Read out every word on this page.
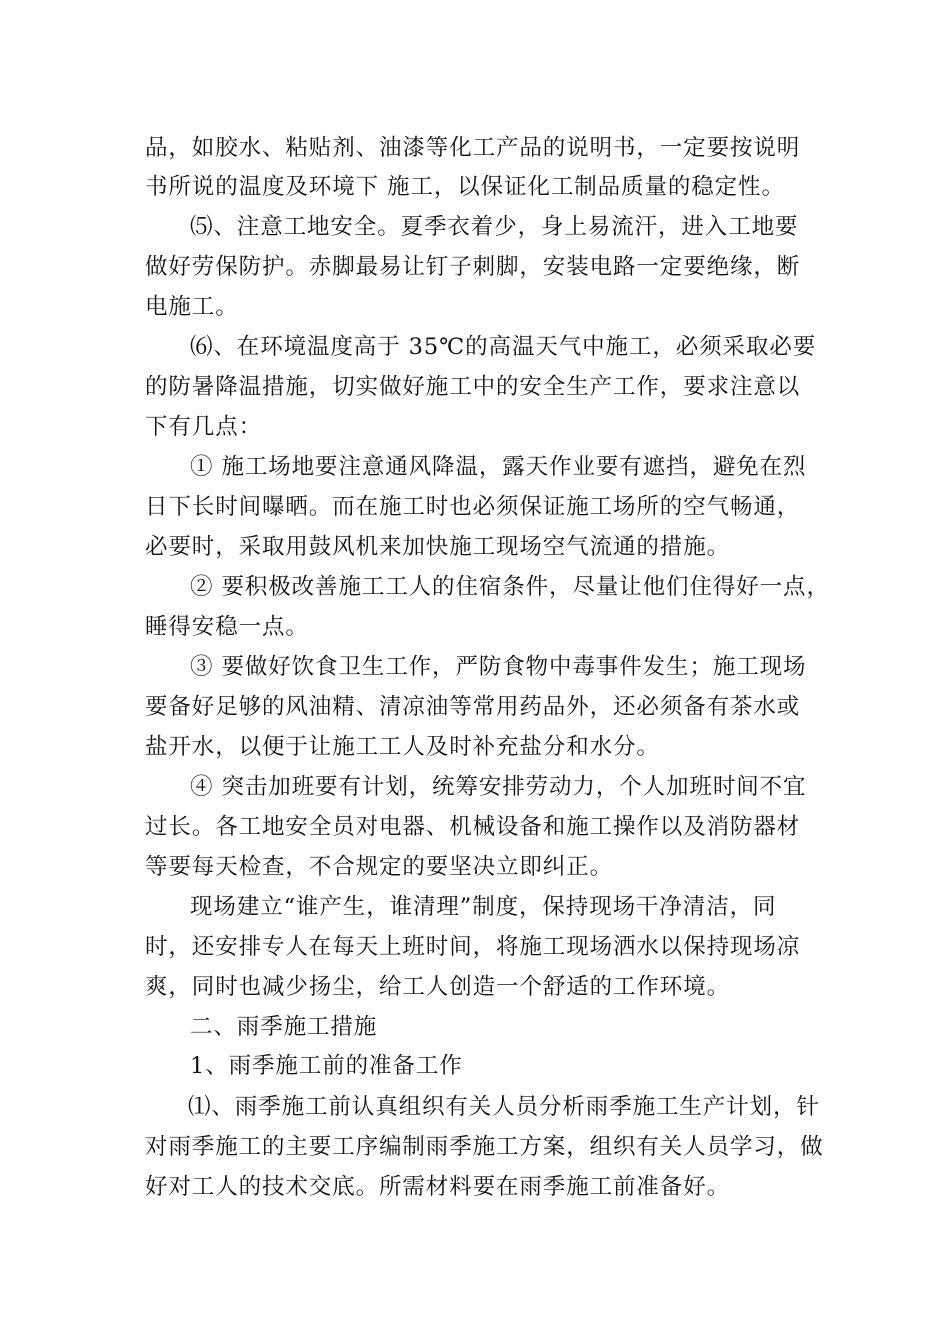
品，如胶水、粘贴剂、油漆等化工产品的说明书，一定要按说明
书所说的温度及环境下 施工，以保证化工制品质量的稳定性。
⑸、注意工地安全。夏季衣着少，身上易流汗，进入工地要
做好劳保防护。赤脚最易让钉子刺脚，安装电路一定要绝缘，断
电施工。
⑹、在环境温度高于 35℃的高温天气中施工，必须采取必要
的防暑降温措施，切实做好施工中的安全生产工作，要求注意以
下有几点：
① 施工场地要注意通风降温，露天作业要有遮挡，避免在烈
日下长时间曝晒。而在施工时也必须保证施工场所的空气畅通，
必要时，采取用鼓风机来加快施工现场空气流通的措施。
② 要积极改善施工工人的住宿条件，尽量让他们住得好一点，
睡得安稳一点。
③ 要做好饮食卫生工作，严防食物中毒事件发生；施工现场
要备好足够的风油精、清凉油等常用药品外，还必须备有茶水或
盐开水，以便于让施工工人及时补充盐分和水分。
④ 突击加班要有计划，统筹安排劳动力，个人加班时间不宜
过长。各工地安全员对电器、机械设备和施工操作以及消防器材
等要每天检查，不合规定的要坚决立即纠正。
现场建立“谁产生，谁清理”制度，保持现场干净清洁，同
时，还安排专人在每天上班时间，将施工现场洒水以保持现场凉
爽，同时也减少扬尘，给工人创造一个舒适的工作环境。
二、雨季施工措施
1、雨季施工前的准备工作
⑴、雨季施工前认真组织有关人员分析雨季施工生产计划，针
对雨季施工的主要工序编制雨季施工方案，组织有关人员学习，做
好对工人的技术交底。所需材料要在雨季施工前准备好。
